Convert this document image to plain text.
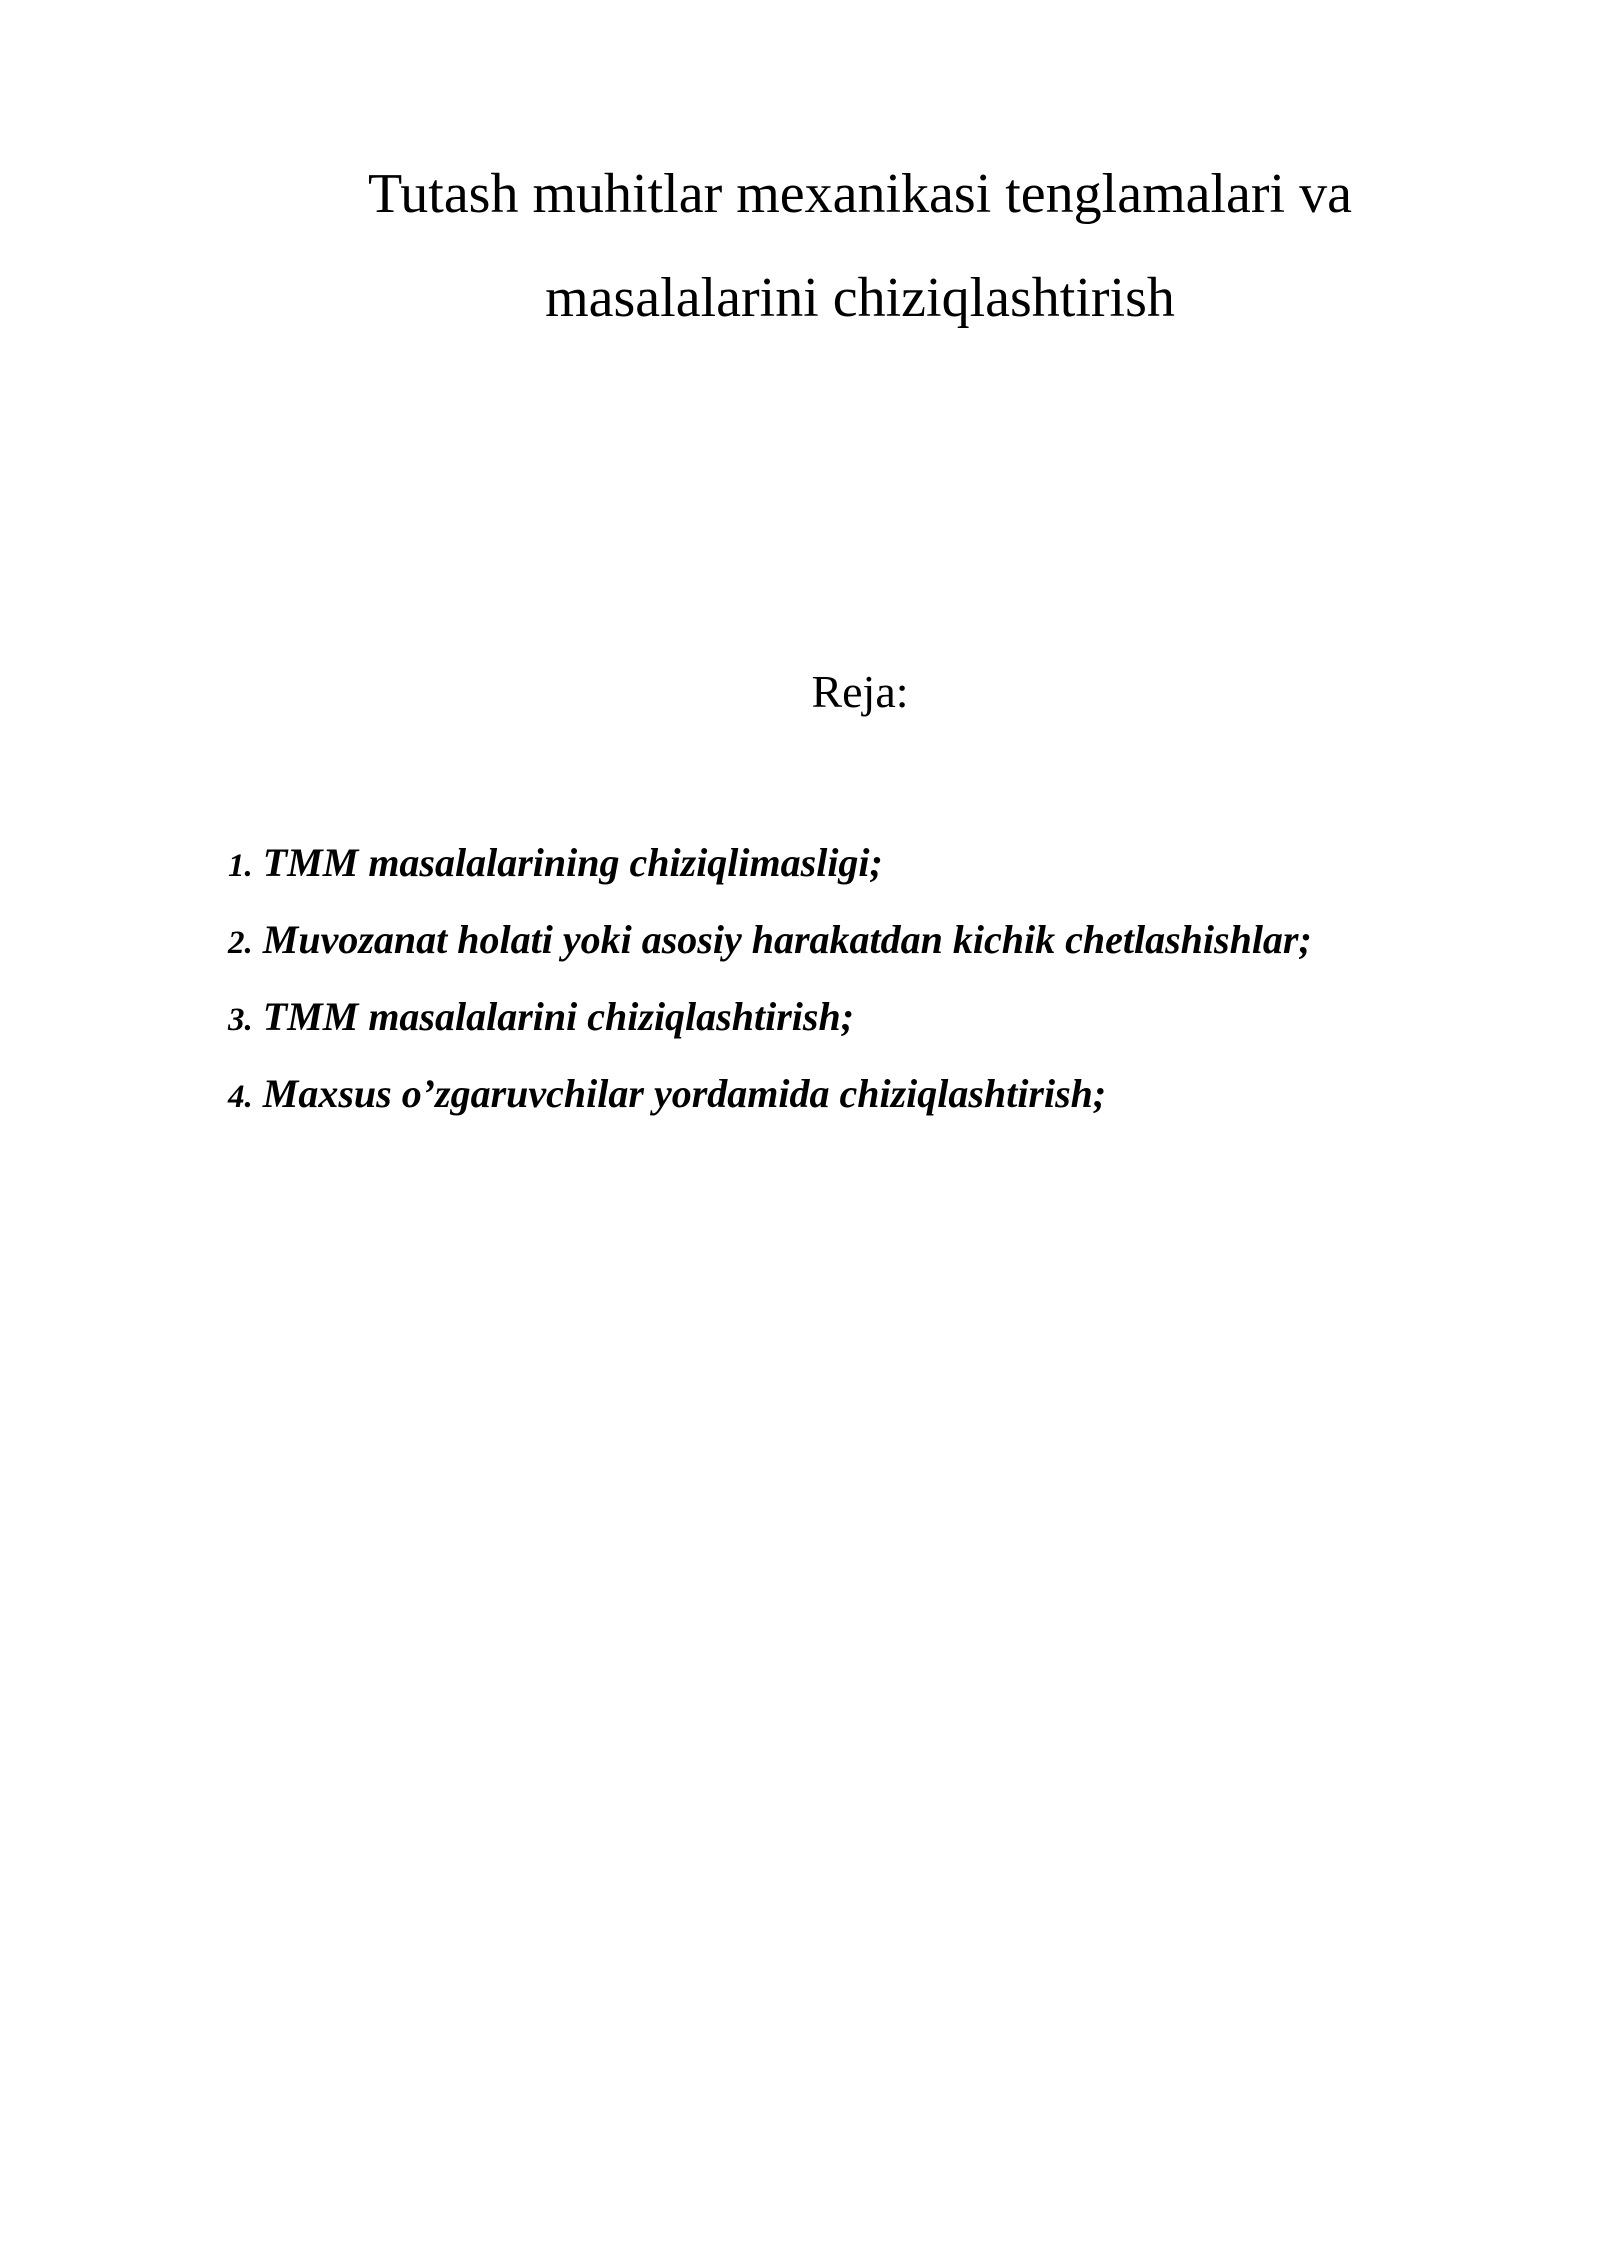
Tutash muhitlar mexanikasi tenglamalari va
masalalarini chiziqlashtirish
Reja:
1. TMM masalalarining chiziqlimasligi;
2. Muvozanat holati yoki asosiy harakatdan kichik chetlashishlar;
3. TMM masalalarini chiziqlashtirish;
4. Maxsus o’zgaruvchilar yordamida chiziqlashtirish;
